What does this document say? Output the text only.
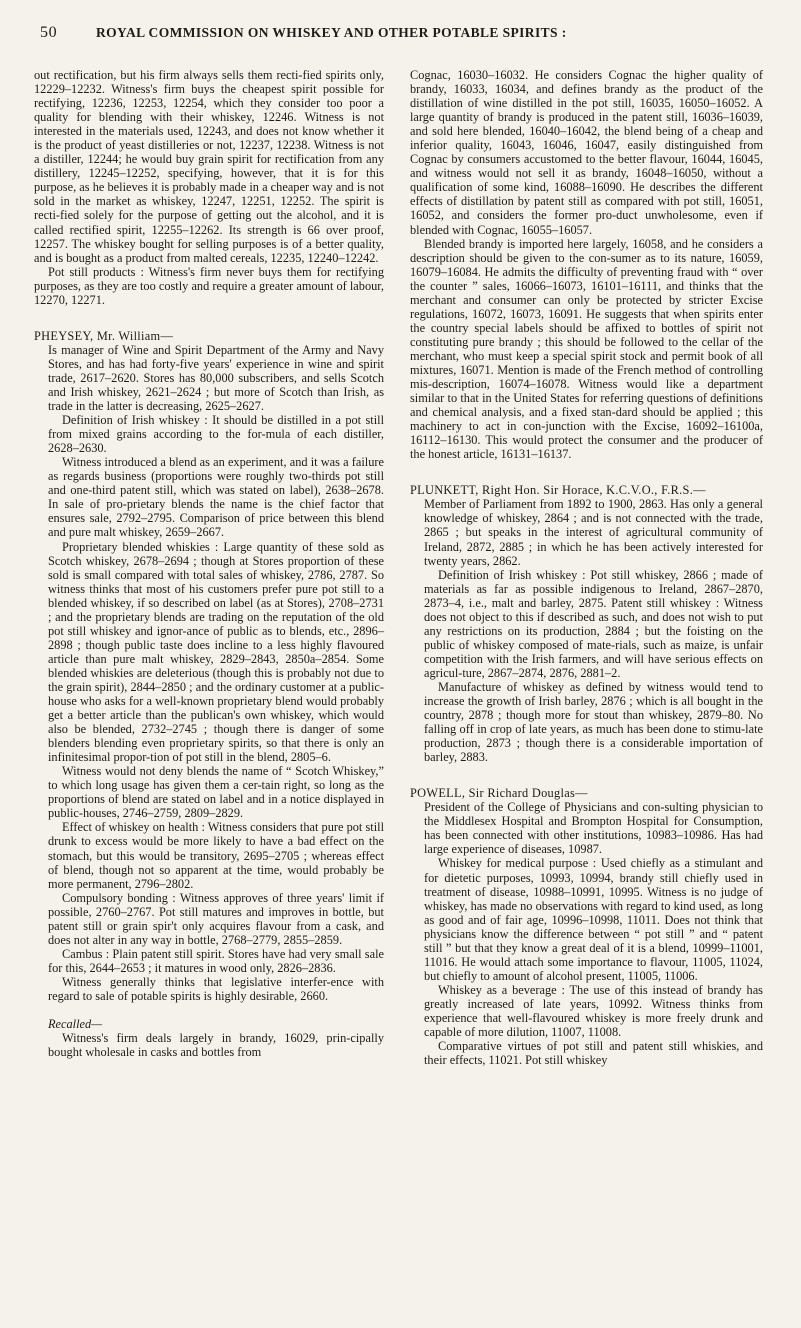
50	ROYAL COMMISSION ON WHISKEY AND OTHER POTABLE SPIRITS :

out rectification, but his firm always sells them recti-fied spirits only, 12229–12232. Witness's firm buys the cheapest spirit possible for rectifying, 12236, 12253, 12254, which they consider too poor a quality for blending with their whiskey, 12246. Witness is not interested in the materials used, 12243, and does not know whether it is the product of yeast distilleries or not, 12237, 12238. Witness is not a distiller, 12244; he would buy grain spirit for rectification from any distillery, 12245–12252, specifying, however, that it is for this purpose, as he believes it is probably made in a cheaper way and is not sold in the market as whiskey, 12247, 12251, 12252. The spirit is recti-fied solely for the purpose of getting out the alcohol, and it is called rectified spirit, 12255–12262. Its strength is 66 over proof, 12257. The whiskey bought for selling purposes is of a better quality, and is bought as a product from malted cereals, 12235, 12240–12242.

Pot still products : Witness's firm never buys them for rectifying purposes, as they are too costly and require a greater amount of labour, 12270, 12271.

PHEYSEY, Mr. William—

Is manager of Wine and Spirit Department of the Army and Navy Stores, and has had forty-five years' experience in wine and spirit trade, 2617–2620. Stores has 80,000 subscribers, and sells Scotch and Irish whiskey, 2621–2624 ; but more of Scotch than Irish, as trade in the latter is decreasing, 2625–2627.

Definition of Irish whiskey : It should be distilled in a pot still from mixed grains according to the for-mula of each distiller, 2628–2630.

Witness introduced a blend as an experiment, and it was a failure as regards business (proportions were roughly two-thirds pot still and one-third patent still, which was stated on label), 2638–2678. In sale of pro-prietary blends the name is the chief factor that ensures sale, 2792–2795. Comparison of price between this blend and pure malt whiskey, 2659–2667.

Proprietary blended whiskies : Large quantity of these sold as Scotch whiskey, 2678–2694 ; though at Stores proportion of these sold is small compared with total sales of whiskey, 2786, 2787. So witness thinks that most of his customers prefer pure pot still to a blended whiskey, if so described on label (as at Stores), 2708–2731 ; and the proprietary blends are trading on the reputation of the old pot still whiskey and ignor-ance of public as to blends, etc., 2896–2898 ; though public taste does incline to a less highly flavoured article than pure malt whiskey, 2829–2843, 2850a–2854. Some blended whiskies are deleterious (though this is probably not due to the grain spirit), 2844–2850 ; and the ordinary customer at a public-house who asks for a well-known proprietary blend would probably get a better article than the publican's own whiskey, which would also be blended, 2732–2745 ; though there is danger of some blenders blending even proprietary spirits, so that there is only an infinitesimal propor-tion of pot still in the blend, 2805–6.

Witness would not deny blends the name of “ Scotch Whiskey,” to which long usage has given them a cer-tain right, so long as the proportions of blend are stated on label and in a notice displayed in public-houses, 2746–2759, 2809–2829.

Effect of whiskey on health : Witness considers that pure pot still drunk to excess would be more likely to have a bad effect on the stomach, but this would be transitory, 2695–2705 ; whereas effect of blend, though not so apparent at the time, would probably be more permanent, 2796–2802.

Compulsory bonding : Witness approves of three years' limit if possible, 2760–2767. Pot still matures and improves in bottle, but patent still or grain spir't only acquires flavour from a cask, and does not alter in any way in bottle, 2768–2779, 2855–2859.

Cambus : Plain patent still spirit. Stores have had very small sale for this, 2644–2653 ; it matures in wood only, 2826–2836.

Witness generally thinks that legislative interfer-ence with regard to sale of potable spirits is highly desirable, 2660.

Recalled—

Witness's firm deals largely in brandy, 16029, prin-cipally bought wholesale in casks and bottles from

Cognac, 16030–16032. He considers Cognac the higher quality of brandy, 16033, 16034, and defines brandy as the product of the distillation of wine distilled in the pot still, 16035, 16050–16052. A large quantity of brandy is produced in the patent still, 16036–16039, and sold here blended, 16040–16042, the blend being of a cheap and inferior quality, 16043, 16046, 16047, easily distinguished from Cognac by consumers accustomed to the better flavour, 16044, 16045, and witness would not sell it as brandy, 16048–16050, without a qualification of some kind, 16088–16090. He describes the different effects of distillation by patent still as compared with pot still, 16051, 16052, and considers the former pro-duct unwholesome, even if blended with Cognac, 16055–16057.

Blended brandy is imported here largely, 16058, and he considers a description should be given to the con-sumer as to its nature, 16059, 16079–16084. He admits the difficulty of preventing fraud with “ over the counter ” sales, 16066–16073, 16101–16111, and thinks that the merchant and consumer can only be protected by stricter Excise regulations, 16072, 16073, 16091. He suggests that when spirits enter the country special labels should be affixed to bottles of spirit not constituting pure brandy ; this should be followed to the cellar of the merchant, who must keep a special spirit stock and permit book of all mixtures, 16071. Mention is made of the French method of controlling mis-description, 16074–16078. Witness would like a department similar to that in the United States for referring questions of definitions and chemical analysis, and a fixed stan-dard should be applied ; this machinery to act in con-junction with the Excise, 16092–16100a, 16112–16130. This would protect the consumer and the producer of the honest article, 16131–16137.

PLUNKETT, Right Hon. Sir Horace, K.C.V.O., F.R.S.—

Member of Parliament from 1892 to 1900, 2863. Has only a general knowledge of whiskey, 2864 ; and is not connected with the trade, 2865 ; but speaks in the interest of agricultural community of Ireland, 2872, 2885 ; in which he has been actively interested for twenty years, 2862.

Definition of Irish whiskey : Pot still whiskey, 2866 ; made of materials as far as possible indigenous to Ireland, 2867–2870, 2873–4, i.e., malt and barley, 2875. Patent still whiskey : Witness does not object to this if described as such, and does not wish to put any restrictions on its production, 2884 ; but the foisting on the public of whiskey composed of mate-rials, such as maize, is unfair competition with the Irish farmers, and will have serious effects on agricul-ture, 2867–2874, 2876, 2881–2.

Manufacture of whiskey as defined by witness would tend to increase the growth of Irish barley, 2876 ; which is all bought in the country, 2878 ; though more for stout than whiskey, 2879–80. No falling off in crop of late years, as much has been done to stimu-late production, 2873 ; though there is a considerable importation of barley, 2883.

POWELL, Sir Richard Douglas—

President of the College of Physicians and con-sulting physician to the Middlesex Hospital and Brompton Hospital for Consumption, has been connected with other institutions, 10983–10986. Has had large experience of diseases, 10987.

Whiskey for medical purpose : Used chiefly as a stimulant and for dietetic purposes, 10993, 10994, brandy still chiefly used in treatment of disease, 10988–10991, 10995. Witness is no judge of whiskey, has made no observations with regard to kind used, as long as good and of fair age, 10996–10998, 11011. Does not think that physicians know the difference between “ pot still ” and “ patent still ” but that they know a great deal of it is a blend, 10999–11001, 11016. He would attach some importance to flavour, 11005, 11024, but chiefly to amount of alcohol present, 11005, 11006.

Whiskey as a beverage : The use of this instead of brandy has greatly increased of late years, 10992. Witness thinks from experience that well-flavoured whiskey is more freely drunk and capable of more dilution, 11007, 11008.

Comparative virtues of pot still and patent still whiskies, and their effects, 11021. Pot still whiskey
